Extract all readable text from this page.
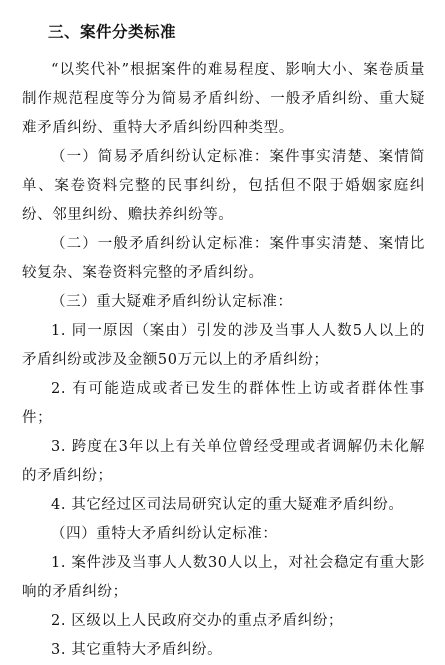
三、案件分类标准

“以奖代补”根据案件的难易程度、影响大小、案卷质量制作规范程度等分为简易矛盾纠纷、一般矛盾纠纷、重大疑难矛盾纠纷、重特大矛盾纠纷四种类型。

（一）简易矛盾纠纷认定标准：案件事实清楚、案情简单、案卷资料完整的民事纠纷，包括但不限于婚姻家庭纠纷、邻里纠纷、赡扶养纠纷等。

（二）一般矛盾纠纷认定标准：案件事实清楚、案情比较复杂、案卷资料完整的矛盾纠纷。

（三）重大疑难矛盾纠纷认定标准：

1. 同一原因（案由）引发的涉及当事人人数5人以上的矛盾纠纷或涉及金额50万元以上的矛盾纠纷；

2. 有可能造成或者已发生的群体性上访或者群体性事件；

3. 跨度在3年以上有关单位曾经受理或者调解仍未化解的矛盾纠纷；

4. 其它经过区司法局研究认定的重大疑难矛盾纠纷。

（四）重特大矛盾纠纷认定标准：

1. 案件涉及当事人人数30人以上，对社会稳定有重大影响的矛盾纠纷；

2. 区级以上人民政府交办的重点矛盾纠纷；

3. 其它重特大矛盾纠纷。
